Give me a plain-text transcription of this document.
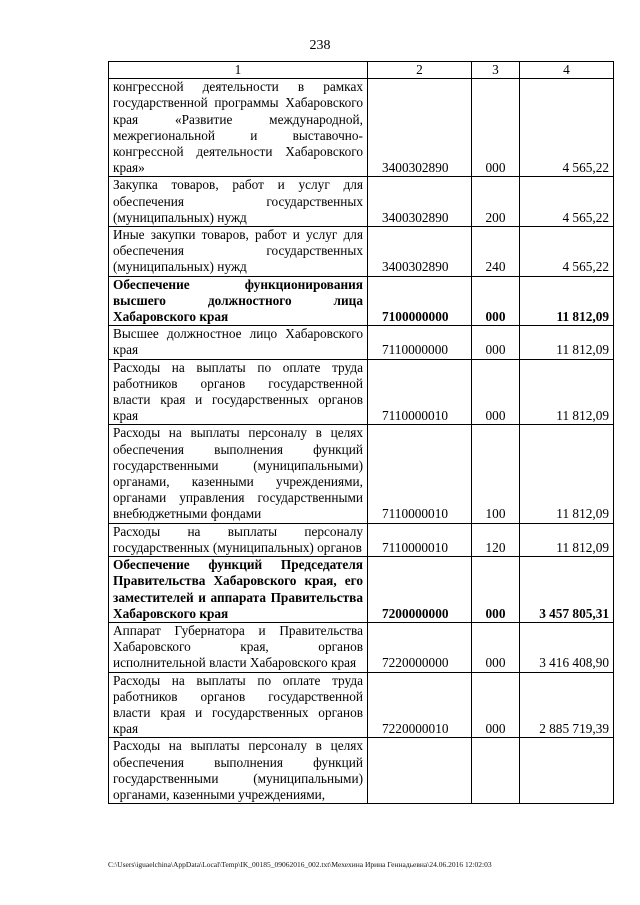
238
1	2	3	4
конгрессной деятельности в рамках государственной программы Хабаровского края «Развитие международной, межрегиональной и выставочно-конгрессной деятельности Хабаровского края»	3400302890	000	4 565,22
Закупка товаров, работ и услуг для обеспечения государственных (муниципальных) нужд	3400302890	200	4 565,22
Иные закупки товаров, работ и услуг для обеспечения государственных (муниципальных) нужд	3400302890	240	4 565,22
Обеспечение функционирования высшего должностного лица Хабаровского края	7100000000	000	11 812,09
Высшее должностное лицо Хабаровского края	7110000000	000	11 812,09
Расходы на выплаты по оплате труда работников органов государственной власти края и государственных органов края	7110000010	000	11 812,09
Расходы на выплаты персоналу в целях обеспечения выполнения функций государственными (муниципальными) органами, казенными учреждениями, органами управления государственными внебюджетными фондами	7110000010	100	11 812,09
Расходы на выплаты персоналу государственных (муниципальных) органов	7110000010	120	11 812,09
Обеспечение функций Председателя Правительства Хабаровского края, его заместителей и аппарата Правительства Хабаровского края	7200000000	000	3 457 805,31
Аппарат Губернатора и Правительства Хабаровского края, органов исполнительной власти Хабаровского края	7220000000	000	3 416 408,90
Расходы на выплаты по оплате труда работников органов государственной власти края и государственных органов края	7220000010	000	2 885 719,39
Расходы на выплаты персоналу в целях обеспечения выполнения функций государственными (муниципальными) органами, казенными учреждениями,			
C:\Users\iguaelchina\AppData\Local\Temp\IK_00185_09062016_002.txt\Мехехина Ирина Геннадьевна\24.06.2016 12:02:03
